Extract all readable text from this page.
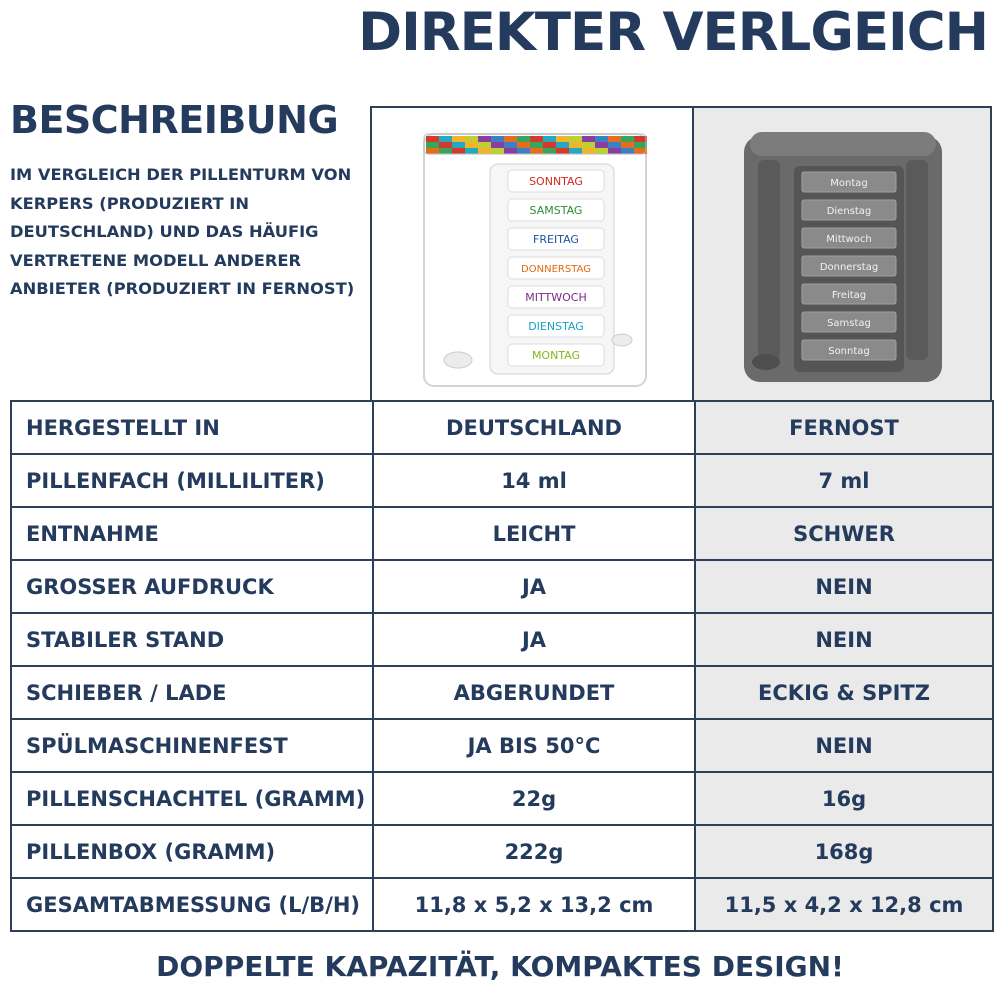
DIREKTER VERLGEICH
BESCHREIBUNG

IM VERGLEICH DER PILLENTURM VON KERPERS (PRODUZIERT IN DEUTSCHLAND) UND DAS HÄUFIG VERTRETENE MODELL ANDERER ANBIETER (PRODUZIERT IN FERNOST)

SONNTAG
SAMSTAG
FREITAG
DONNERSTAG
MITTWOCH
DIENSTAG
MONTAG
Montag
Dienstag
Mittwoch
Donnerstag
Freitag
Samstag
Sonntag
HERGESTELLT IN	DEUTSCHLAND	FERNOST
PILLENFACH (MILLILITER)	14 ml	7 ml
ENTNAHME	LEICHT	SCHWER
GROSSER AUFDRUCK	JA	NEIN
STABILER STAND	JA	NEIN
SCHIEBER / LADE	ABGERUNDET	ECKIG & SPITZ
SPÜLMASCHINENFEST	JA BIS 50°C	NEIN
PILLENSCHACHTEL (GRAMM)	22g	16g
PILLENBOX (GRAMM)	222g	168g
GESAMTABMESSUNG (L/B/H)	11,8 x 5,2 x 13,2 cm	11,5 x 4,2 x 12,8 cm

DOPPELTE KAPAZITÄT, KOMPAKTES DESIGN!
